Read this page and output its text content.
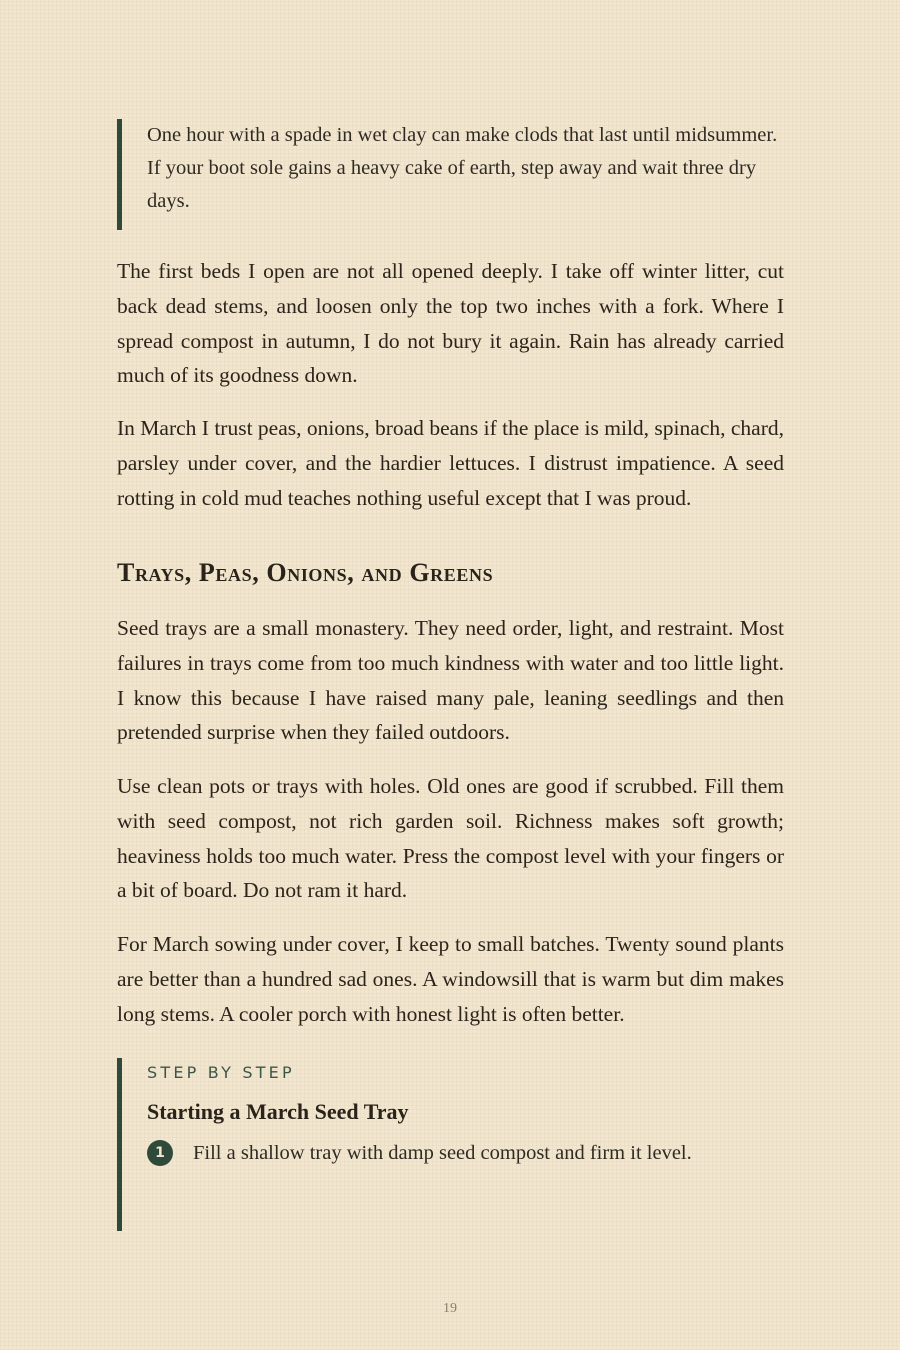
One hour with a spade in wet clay can make clods that last until midsummer. If your boot sole gains a heavy cake of earth, step away and wait three dry days.

The first beds I open are not all opened deeply. I take off winter litter, cut back dead stems, and loosen only the top two inches with a fork. Where I spread compost in autumn, I do not bury it again. Rain has already carried much of its goodness down.

In March I trust peas, onions, broad beans if the place is mild, spinach, chard, parsley under cover, and the hardier lettuces. I distrust impatience. A seed rotting in cold mud teaches nothing useful except that I was proud.

Trays, Peas, Onions, and Greens

Seed trays are a small monastery. They need order, light, and restraint. Most failures in trays come from too much kindness with water and too little light. I know this because I have raised many pale, leaning seedlings and then pretended surprise when they failed outdoors.

Use clean pots or trays with holes. Old ones are good if scrubbed. Fill them with seed compost, not rich garden soil. Richness makes soft growth; heaviness holds too much water. Press the compost level with your fingers or a bit of board. Do not ram it hard.

For March sowing under cover, I keep to small batches. Twenty sound plants are better than a hundred sad ones. A windowsill that is warm but dim makes long stems. A cooler porch with honest light is often better.

STEP BY STEP
Starting a March Seed Tray
1	Fill a shallow tray with damp seed compost and firm it level.
19
